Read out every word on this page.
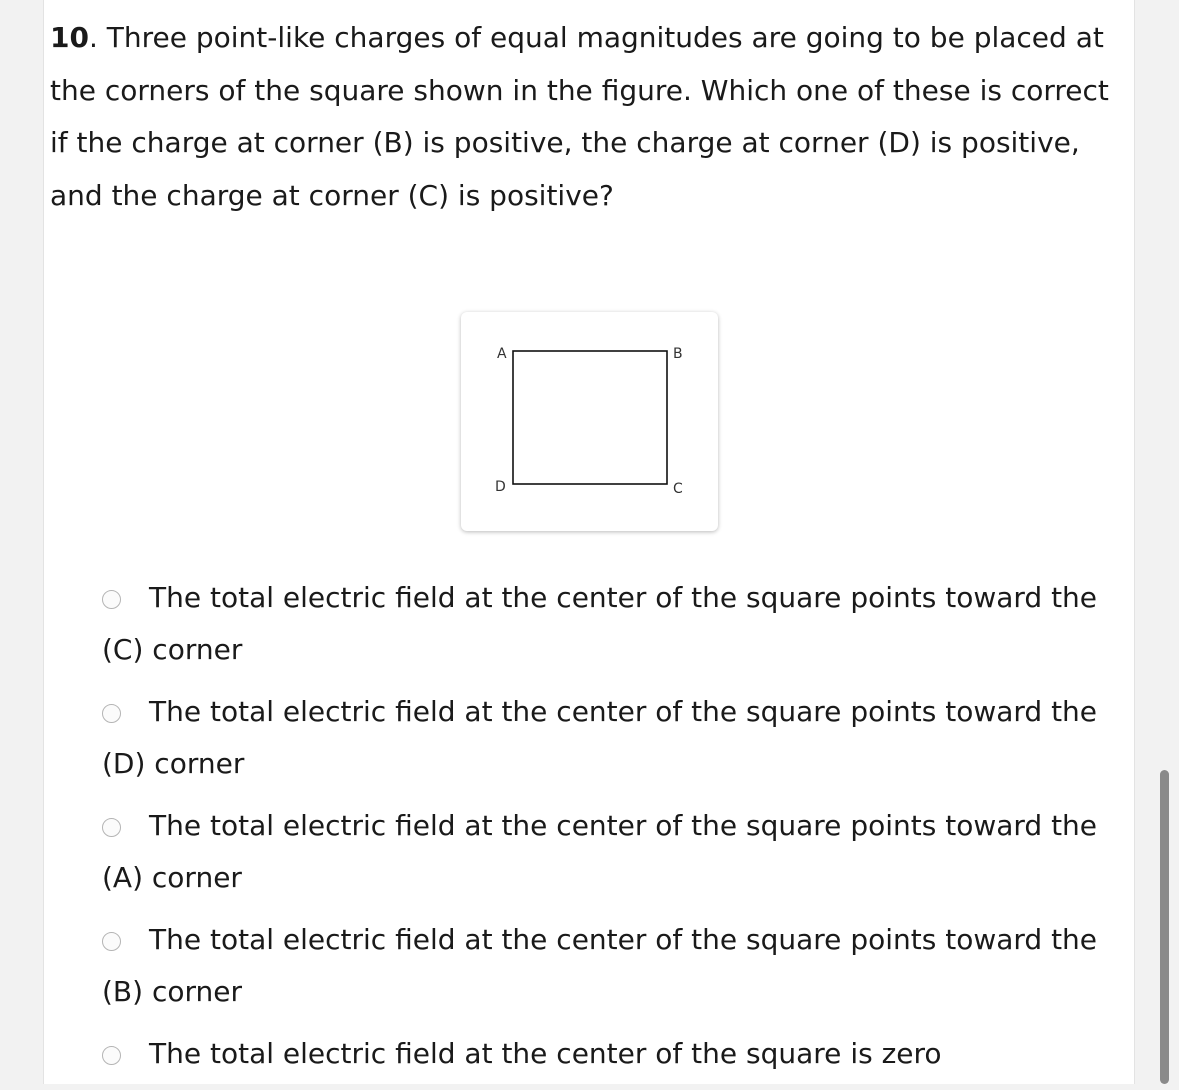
10. Three point-like charges of equal magnitudes are going to be placed at the corners of the square shown in the figure. Which one of these is correct if the charge at corner (B) is positive, the charge at corner (D) is positive, and the charge at corner (C) is positive?

A	B
D	C
The total electric field at the center of the square points toward the (C) corner
The total electric field at the center of the square points toward the (D) corner
The total electric field at the center of the square points toward the (A) corner
The total electric field at the center of the square points toward the (B) corner
The total electric field at the center of the square is zero
